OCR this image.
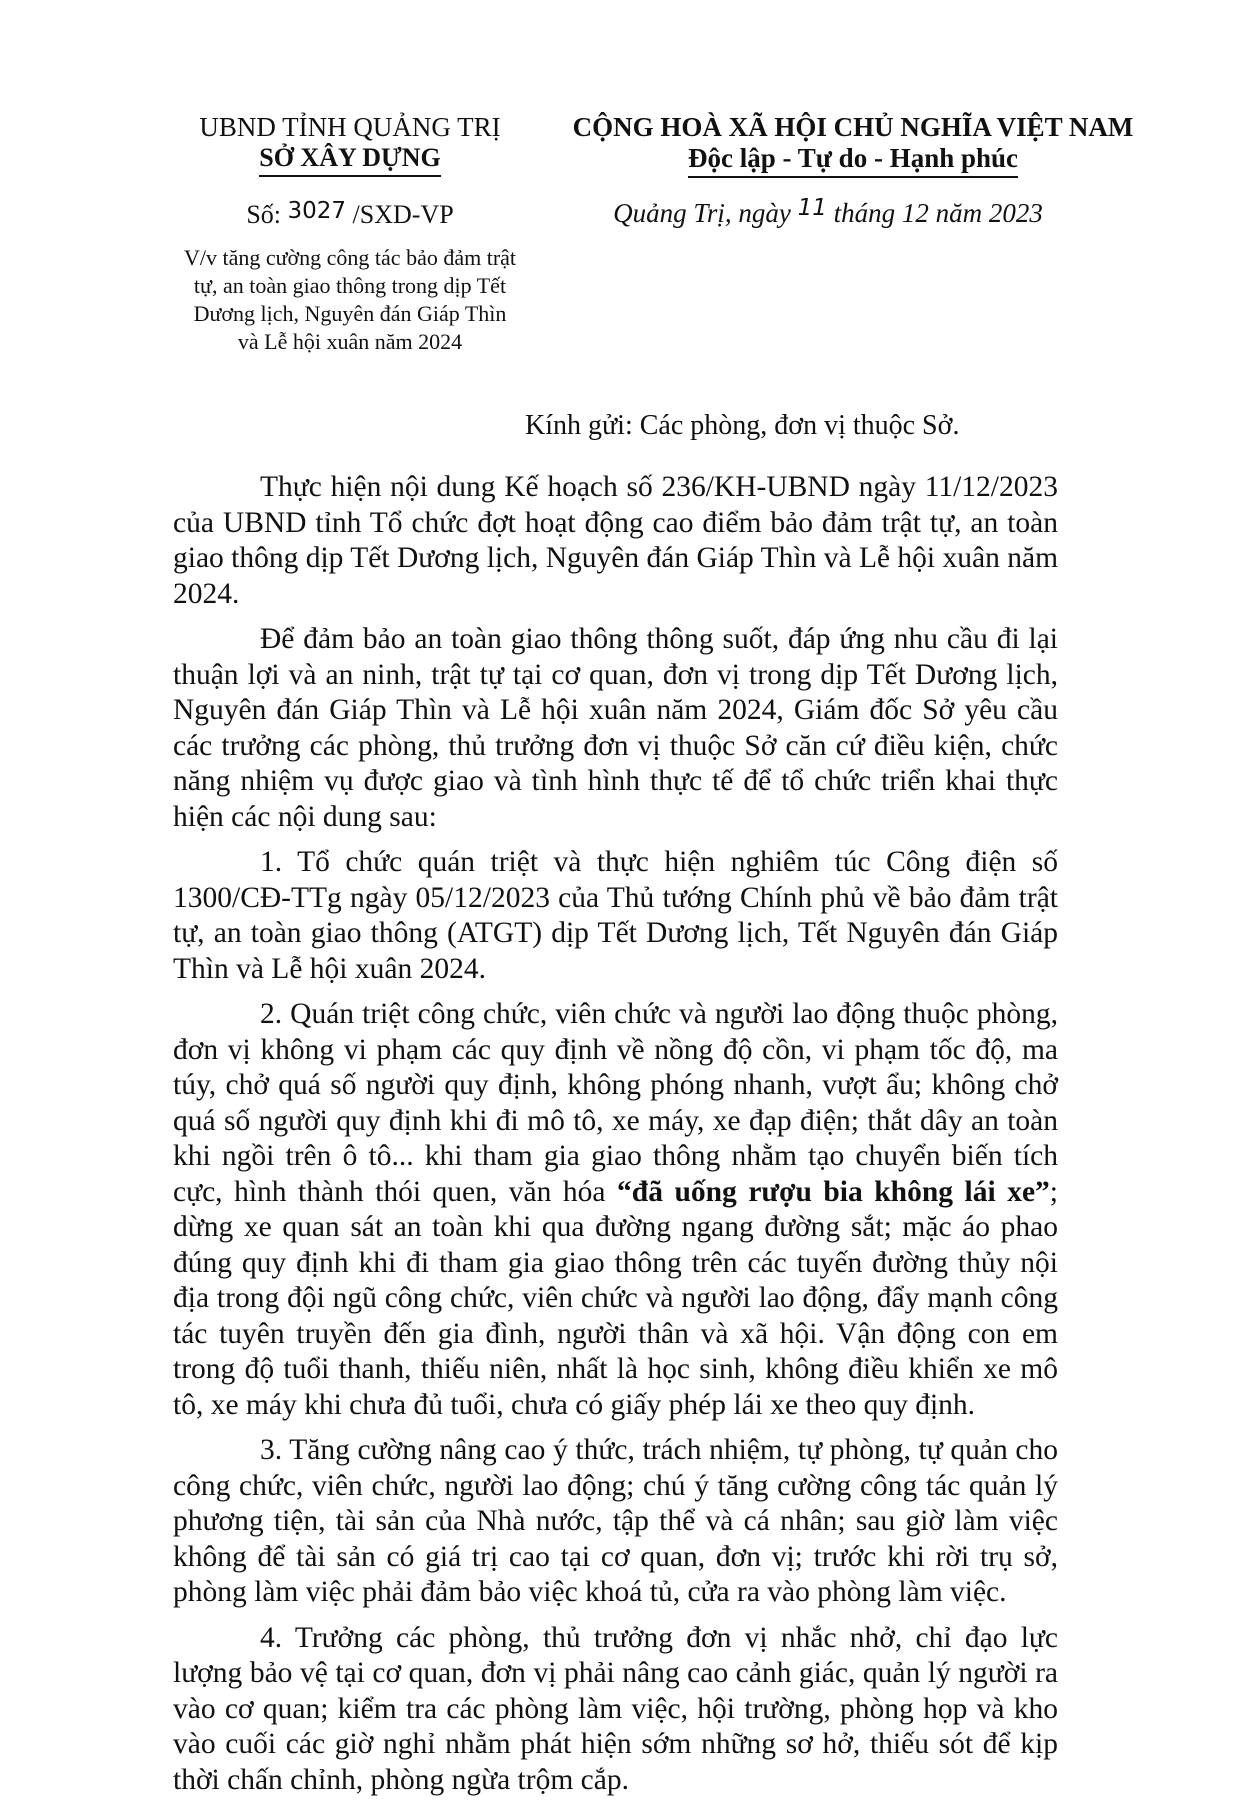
UBND TỈNH QUẢNG TRỊ
SỞ XÂY DỰNG
CỘNG HOÀ XÃ HỘI CHỦ NGHĨA VIỆT NAM
Độc lập - Tự do - Hạnh phúc
Số: 3027 /SXD-VP	Quảng Trị, ngày 11 tháng 12 năm 2023
V/v tăng cường công tác bảo đảm trật
tự, an toàn giao thông trong dịp Tết
Dương lịch, Nguyên đán Giáp Thìn
và Lễ hội xuân năm 2024
Kính gửi: Các phòng, đơn vị thuộc Sở.

Thực hiện nội dung Kế hoạch số 236/KH-UBND ngày 11/12/2023 của UBND tỉnh Tổ chức đợt hoạt động cao điểm bảo đảm trật tự, an toàn giao thông dịp Tết Dương lịch, Nguyên đán Giáp Thìn và Lễ hội xuân năm 2024.

Để đảm bảo an toàn giao thông thông suốt, đáp ứng nhu cầu đi lại thuận lợi và an ninh, trật tự tại cơ quan, đơn vị trong dịp Tết Dương lịch, Nguyên đán Giáp Thìn và Lễ hội xuân năm 2024, Giám đốc Sở yêu cầu các trưởng các phòng, thủ trưởng đơn vị thuộc Sở căn cứ điều kiện, chức năng nhiệm vụ được giao và tình hình thực tế để tổ chức triển khai thực hiện các nội dung sau:

1. Tổ chức quán triệt và thực hiện nghiêm túc Công điện số 1300/CĐ-TTg ngày 05/12/2023 của Thủ tướng Chính phủ về bảo đảm trật tự, an toàn giao thông (ATGT) dịp Tết Dương lịch, Tết Nguyên đán Giáp Thìn và Lễ hội xuân 2024.

2. Quán triệt công chức, viên chức và người lao động thuộc phòng, đơn vị không vi phạm các quy định về nồng độ cồn, vi phạm tốc độ, ma túy, chở quá số người quy định, không phóng nhanh, vượt ẩu; không chở quá số người quy định khi đi mô tô, xe máy, xe đạp điện; thắt dây an toàn khi ngồi trên ô tô... khi tham gia giao thông nhằm tạo chuyển biến tích cực, hình thành thói quen, văn hóa “đã uống rượu bia không lái xe”; dừng xe quan sát an toàn khi qua đường ngang đường sắt; mặc áo phao đúng quy định khi đi tham gia giao thông trên các tuyến đường thủy nội địa trong đội ngũ công chức, viên chức và người lao động, đẩy mạnh công tác tuyên truyền đến gia đình, người thân và xã hội. Vận động con em trong độ tuổi thanh, thiếu niên, nhất là học sinh, không điều khiển xe mô tô, xe máy khi chưa đủ tuổi, chưa có giấy phép lái xe theo quy định.

3. Tăng cường nâng cao ý thức, trách nhiệm, tự phòng, tự quản cho công chức, viên chức, người lao động; chú ý tăng cường công tác quản lý phương tiện, tài sản của Nhà nước, tập thể và cá nhân; sau giờ làm việc không để tài sản có giá trị cao tại cơ quan, đơn vị; trước khi rời trụ sở, phòng làm việc phải đảm bảo việc khoá tủ, cửa ra vào phòng làm việc.

4. Trưởng các phòng, thủ trưởng đơn vị nhắc nhở, chỉ đạo lực lượng bảo vệ tại cơ quan, đơn vị phải nâng cao cảnh giác, quản lý người ra vào cơ quan; kiểm tra các phòng làm việc, hội trường, phòng họp và kho vào cuối các giờ nghỉ nhằm phát hiện sớm những sơ hở, thiếu sót để kịp thời chấn chỉnh, phòng ngừa trộm cắp.
